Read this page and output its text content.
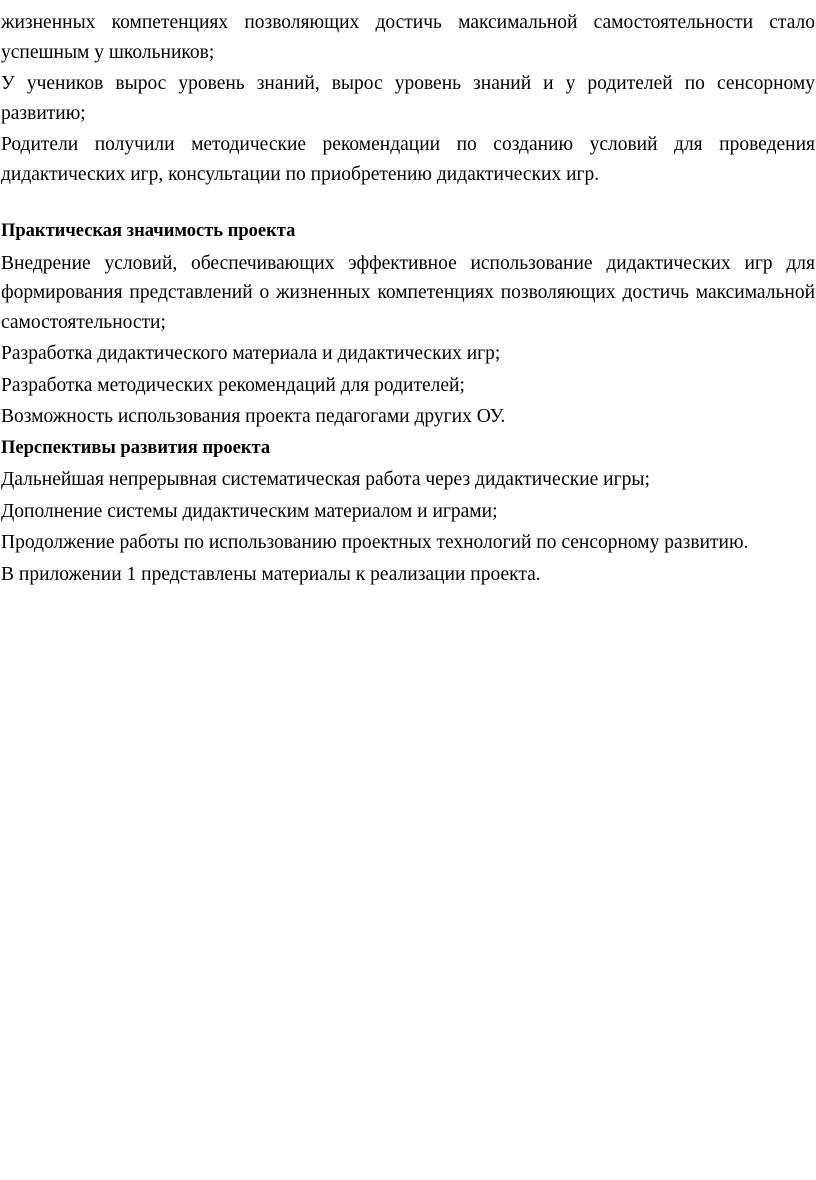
жизненных компетенциях позволяющих достичь максимальной самостоятельности стало успешным у школьников;

У учеников вырос уровень знаний, вырос уровень знаний и у родителей по сенсорному развитию;

Родители получили методические рекомендации по созданию условий для проведения дидактических игр, консультации по приобретению дидактических игр.

Практическая значимость проекта

Внедрение условий, обеспечивающих эффективное использование дидактических игр для формирования представлений о жизненных компетенциях позволяющих достичь максимальной самостоятельности;

Разработка дидактического материала и дидактических игр;

Разработка методических рекомендаций для родителей;

Возможность использования проекта педагогами других ОУ.

Перспективы развития проекта

Дальнейшая непрерывная систематическая работа через дидактические игры;

Дополнение системы дидактическим материалом и играми;

Продолжение работы по использованию проектных технологий по сенсорному развитию.

В приложении 1 представлены материалы к реализации проекта.
